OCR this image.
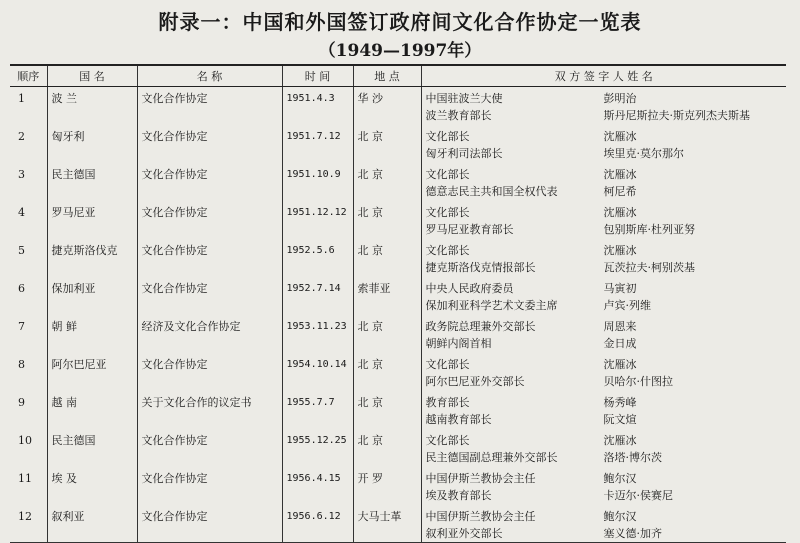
附录一：中国和外国签订政府间文化合作协定一览表
（1949—1997年）
顺序	国 名	名 称	时 间	地 点	双 方 签 字 人 姓 名
1	波 兰	文化合作协定	1951.4.3	华 沙	中国驻波兰大使 彭明治
波兰教育部长 斯丹尼斯拉夫·斯克列杰夫斯基

2	匈牙利	文化合作协定	1951.7.12	北 京	文化部长 沈雁冰
匈牙利司法部长 埃里克·莫尔那尔

3	民主德国	文化合作协定	1951.10.9	北 京	文化部长 沈雁冰
德意志民主共和国全权代表 柯尼希

4	罗马尼亚	文化合作协定	1951.12.12	北 京	文化部长 沈雁冰
罗马尼亚教育部长 包别斯库·杜列亚努

5	捷克斯洛伐克	文化合作协定	1952.5.6	北 京	文化部长 沈雁冰
捷克斯洛伐克情报部长 瓦茨拉夫·柯别茨基

6	保加利亚	文化合作协定	1952.7.14	索菲亚	中央人民政府委员 马寅初
保加利亚科学艺术文委主席 卢宾·列维

7	朝 鲜	经济及文化合作协定	1953.11.23	北 京	政务院总理兼外交部长 周恩来
朝鲜内阁首相 金日成

8	阿尔巴尼亚	文化合作协定	1954.10.14	北 京	文化部长 沈雁冰
阿尔巴尼亚外交部长 贝哈尔·什图拉

9	越 南	关于文化合作的议定书	1955.7.7	北 京	教育部长 杨秀峰
越南教育部长 阮文煊

10	民主德国	文化合作协定	1955.12.25	北 京	文化部长 沈雁冰
民主德国副总理兼外交部长 洛塔·博尔茨

11	埃 及	文化合作协定	1956.4.15	开 罗	中国伊斯兰教协会主任 鲍尔汉
埃及教育部长 卡迈尔·侯赛尼

12	叙利亚	文化合作协定	1956.6.12	大马士革	中国伊斯兰教协会主任 鲍尔汉
叙利亚外交部长 塞义德·加齐
